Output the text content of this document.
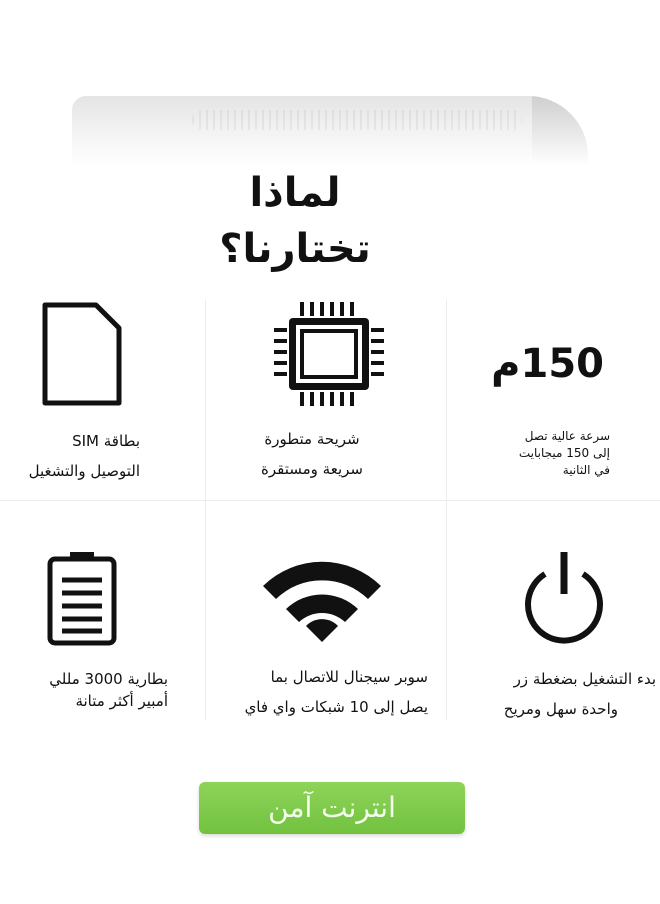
لماذا تختارنا؟
بطاقة SIM
التوصيل والتشغيل
شريحة متطورة
سريعة ومستقرة
150م
سرعة عالية تصل
إلى 150 ميجابايت
في الثانية
بطارية 3000 مللي
أمبير أكثر متانة
سوبر سيجنال للاتصال بما
يصل إلى 10 شبكات واي فاي
بدء التشغيل بضغطة زر
واحدة سهل ومريح
انترنت آمن
